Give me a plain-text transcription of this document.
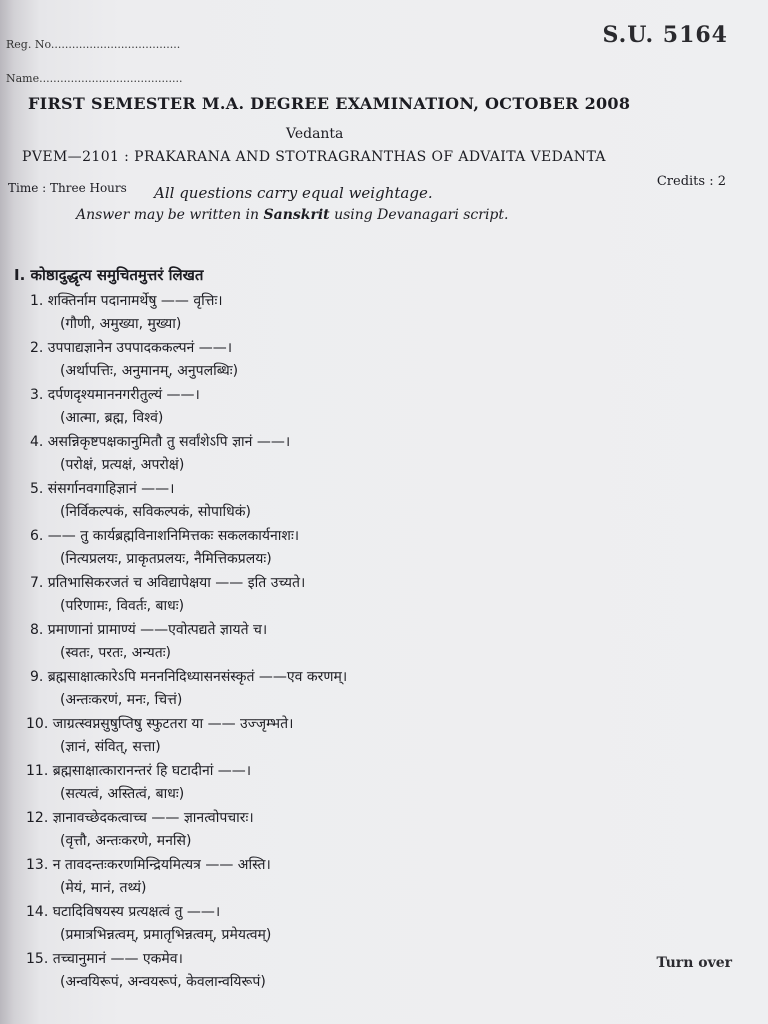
Reg. No.....................................
Name.........................................
S.U. 5164
FIRST SEMESTER M.A. DEGREE EXAMINATION, OCTOBER 2008
Vedanta
PVEM—2101 : PRAKARANA AND STOTRAGRANTHAS OF ADVAITA VEDANTA
Time : Three Hours	Credits : 2
All questions carry equal weightage.
Answer may be written in Sanskrit using Devanagari script.
I. कोष्ठादुद्धृत्य समुचितमुत्तरं लिखत
1. शक्तिर्नाम पदानामर्थेषु —— वृत्तिः।
(गौणी, अमुख्या, मुख्या)
2. उपपाद्यज्ञानेन उपपादककल्पनं ——।
(अर्थापत्तिः, अनुमानम्, अनुपलब्धिः)
3. दर्पणदृश्यमाननगरीतुल्यं ——।
(आत्मा, ब्रह्म, विश्वं)
4. असन्निकृष्टपक्षकानुमितौ तु सर्वांशेऽपि ज्ञानं ——।
(परोक्षं, प्रत्यक्षं, अपरोक्षं)
5. संसर्गानवगाहिज्ञानं ——।
(निर्विकल्पकं, सविकल्पकं, सोपाधिकं)
6. —— तु कार्यब्रह्मविनाशनिमित्तकः सकलकार्यनाशः।
(नित्यप्रलयः, प्राकृतप्रलयः, नैमित्तिकप्रलयः)
7. प्रतिभासिकरजतं च अविद्यापेक्षया —— इति उच्यते।
(परिणामः, विवर्तः, बाधः)
8. प्रमाणानां प्रामाण्यं ——एवोत्पद्यते ज्ञायते च।
(स्वतः, परतः, अन्यतः)
9. ब्रह्मसाक्षात्कारेऽपि मनननिदिध्यासनसंस्कृतं ——एव करणम्।
(अन्तःकरणं, मनः, चित्तं)
10. जाग्रत्स्वप्नसुषुप्तिषु स्फुटतरा या —— उज्जृम्भते।
(ज्ञानं, संवित्, सत्ता)
11. ब्रह्मसाक्षात्कारानन्तरं हि घटादीनां ——।
(सत्यत्वं, अस्तित्वं, बाधः)
12. ज्ञानावच्छेदकत्वाच्च —— ज्ञानत्वोपचारः।
(वृत्तौ, अन्तःकरणे, मनसि)
13. न तावदन्तःकरणमिन्द्रियमित्यत्र —— अस्ति।
(मेयं, मानं, तथ्यं)
14. घटादिविषयस्य प्रत्यक्षत्वं तु ——।
(प्रमात्रभिन्नत्वम्, प्रमातृभिन्नत्वम्, प्रमेयत्वम्)
15. तच्चानुमानं —— एकमेव।
(अन्वयिरूपं, अन्वयरूपं, केवलान्वयिरूपं)
Turn over
